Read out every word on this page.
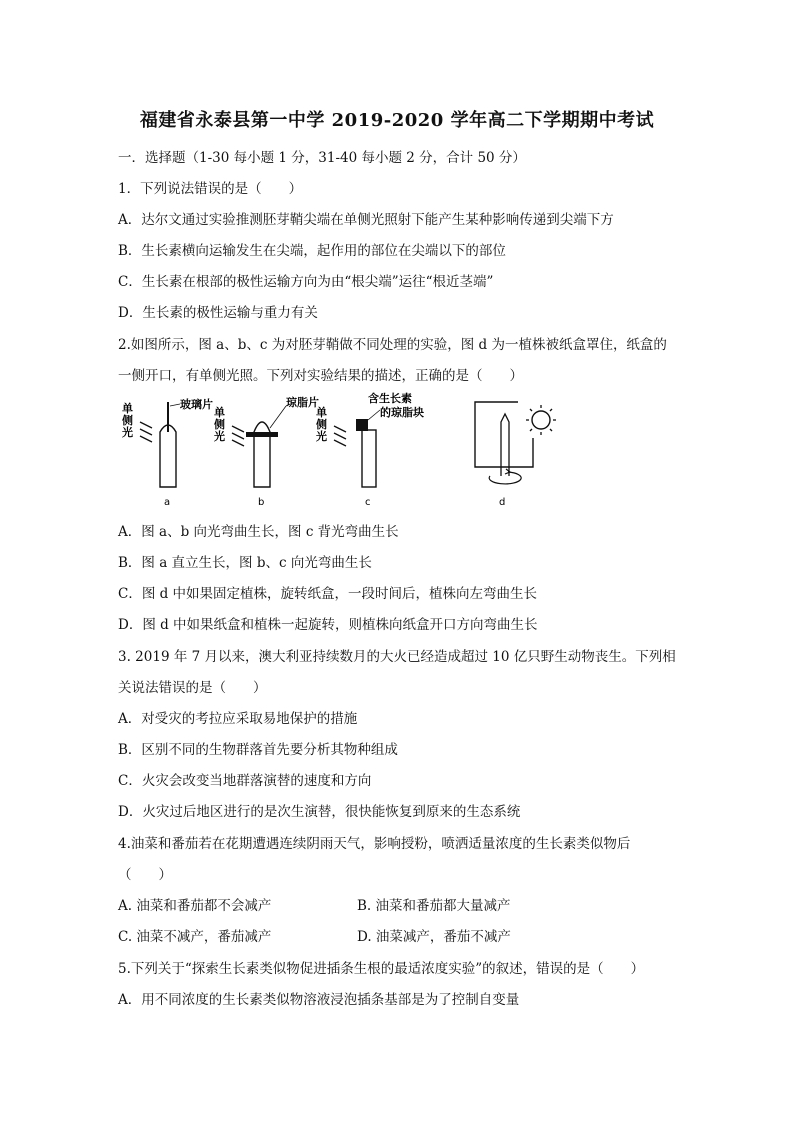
福建省永泰县第一中学 2019-2020 学年高二下学期期中考试
一．选择题（1-30 每小题 1 分，31-40 每小题 2 分，合计 50 分）
1．下列说法错误的是（　　）
A．达尔文通过实验推测胚芽鞘尖端在单侧光照射下能产生某种影响传递到尖端下方
B．生长素横向运输发生在尖端，起作用的部位在尖端以下的部位
C．生长素在根部的极性运输方向为由“根尖端”运往“根近茎端”
D．生长素的极性运输与重力有关
2.如图所示，图 a、b、c 为对胚芽鞘做不同处理的实验，图 d 为一植株被纸盒罩住，纸盒的
一侧开口，有单侧光照。下列对实验结果的描述，正确的是（　　）
单侧光
玻璃片
a
单侧光
琼脂片
b
单侧光
含生长素
的琼脂块
c	d
A．图 a、b 向光弯曲生长，图 c 背光弯曲生长
B．图 a 直立生长，图 b、c 向光弯曲生长
C．图 d 中如果固定植株，旋转纸盒，一段时间后，植株向左弯曲生长
D．图 d 中如果纸盒和植株一起旋转，则植株向纸盒开口方向弯曲生长
3. 2019 年 7 月以来，澳大利亚持续数月的大火已经造成超过 10 亿只野生动物丧生。下列相
关说法错误的是（　　）
A．对受灾的考拉应采取易地保护的措施
B．区别不同的生物群落首先要分析其物种组成
C．火灾会改变当地群落演替的速度和方向
D．火灾过后地区进行的是次生演替，很快能恢复到原来的生态系统
4.油菜和番茄若在花期遭遇连续阴雨天气，影响授粉，喷洒适量浓度的生长素类似物后
（　　）
A. 油菜和番茄都不会减产	B. 油菜和番茄都大量减产
C. 油菜不减产，番茄减产	D. 油菜减产，番茄不减产
5.下列关于“探索生长素类似物促进插条生根的最适浓度实验”的叙述，错误的是（　　）
A．用不同浓度的生长素类似物溶液浸泡插条基部是为了控制自变量
